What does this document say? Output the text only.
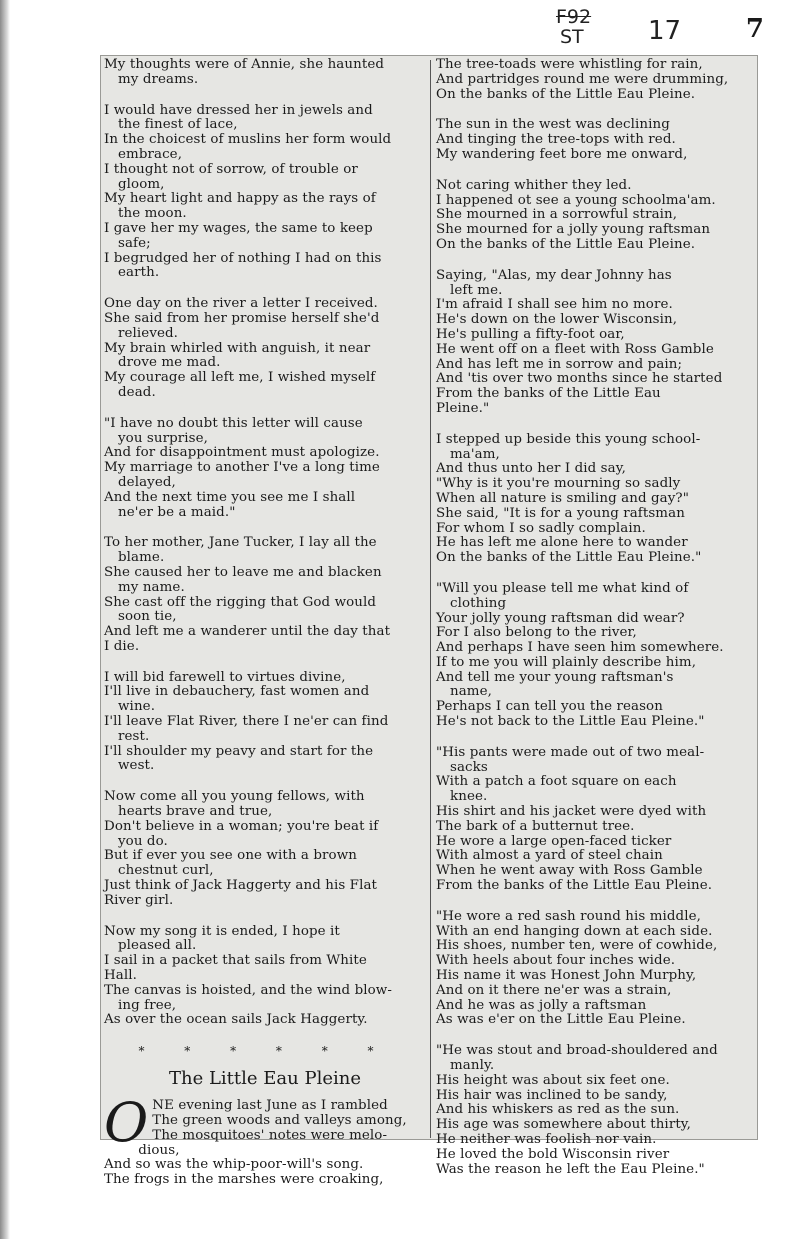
F92
ST 17 7
My thoughts were of Annie, she haunted
my dreams.
I would have dressed her in jewels and
the finest of lace,
In the choicest of muslins her form would
embrace,
I thought not of sorrow, of trouble or
gloom,
My heart light and happy as the rays of
the moon.
I gave her my wages, the same to keep
safe;
I begrudged her of nothing I had on this
earth.
One day on the river a letter I received.
She said from her promise herself she'd
relieved.
My brain whirled with anguish, it near
drove me mad.
My courage all left me, I wished myself
dead.
"I have no doubt this letter will cause
you surprise,
And for disappointment must apologize.
My marriage to another I've a long time
delayed,
And the next time you see me I shall
ne'er be a maid."
To her mother, Jane Tucker, I lay all the
blame.
She caused her to leave me and blacken
my name.
She cast off the rigging that God would
soon tie,
And left me a wanderer until the day that
I die.
I will bid farewell to virtues divine,
I'll live in debauchery, fast women and
wine.
I'll leave Flat River, there I ne'er can find
rest.
I'll shoulder my peavy and start for the
west.
Now come all you young fellows, with
hearts brave and true,
Don't believe in a woman; you're beat if
you do.
But if ever you see one with a brown
chestnut curl,
Just think of Jack Haggerty and his Flat
River girl.
Now my song it is ended, I hope it
pleased all.
I sail in a packet that sails from White
Hall.
The canvas is hoisted, and the wind blow-
ing free,
As over the ocean sails Jack Haggerty.
* * * * * *
The Little Eau Pleine
O NE evening last June as I rambled
The green woods and valleys among,
The mosquitoes' notes were melo-
dious,
And so was the whip-poor-will's song.
The frogs in the marshes were croaking,
The tree-toads were whistling for rain,
And partridges round me were drumming,
On the banks of the Little Eau Pleine.
The sun in the west was declining
And tinging the tree-tops with red.
My wandering feet bore me onward,
Not caring whither they led.
I happened ot see a young schoolma'am.
She mourned in a sorrowful strain,
She mourned for a jolly young raftsman
On the banks of the Little Eau Pleine.
Saying, "Alas, my dear Johnny has
left me.
I'm afraid I shall see him no more.
He's down on the lower Wisconsin,
He's pulling a fifty-foot oar,
He went off on a fleet with Ross Gamble
And has left me in sorrow and pain;
And 'tis over two months since he started
From the banks of the Little Eau
Pleine."
I stepped up beside this young school-
ma'am,
And thus unto her I did say,
"Why is it you're mourning so sadly
When all nature is smiling and gay?"
She said, "It is for a young raftsman
For whom I so sadly complain.
He has left me alone here to wander
On the banks of the Little Eau Pleine."
"Will you please tell me what kind of
clothing
Your jolly young raftsman did wear?
For I also belong to the river,
And perhaps I have seen him somewhere.
If to me you will plainly describe him,
And tell me your young raftsman's
name,
Perhaps I can tell you the reason
He's not back to the Little Eau Pleine."
"His pants were made out of two meal-
sacks
With a patch a foot square on each
knee.
His shirt and his jacket were dyed with
The bark of a butternut tree.
He wore a large open-faced ticker
With almost a yard of steel chain
When he went away with Ross Gamble
From the banks of the Little Eau Pleine.
"He wore a red sash round his middle,
With an end hanging down at each side.
His shoes, number ten, were of cowhide,
With heels about four inches wide.
His name it was Honest John Murphy,
And on it there ne'er was a strain,
And he was as jolly a raftsman
As was e'er on the Little Eau Pleine.
"He was stout and broad-shouldered and
manly.
His height was about six feet one.
His hair was inclined to be sandy,
And his whiskers as red as the sun.
His age was somewhere about thirty,
He neither was foolish nor vain.
He loved the bold Wisconsin river
Was the reason he left the Eau Pleine."
